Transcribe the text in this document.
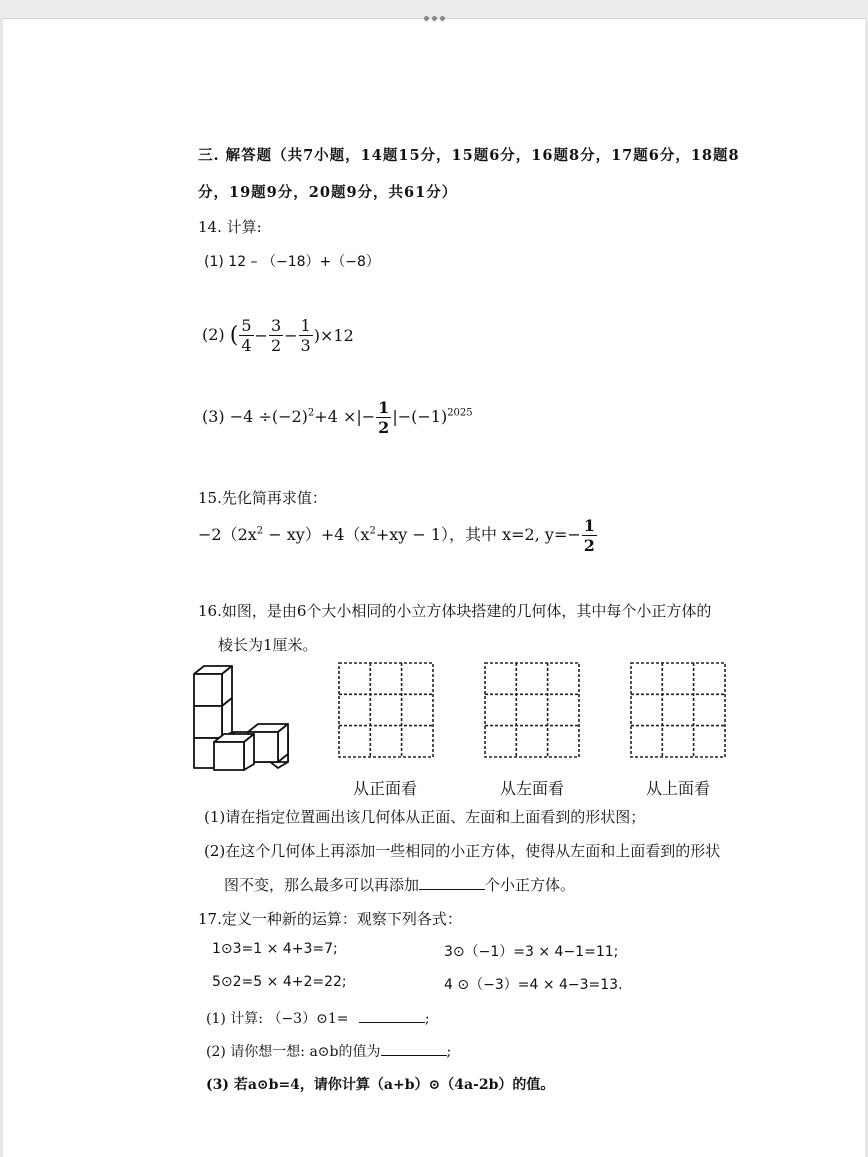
三. 解答题（共7小题，14题15分，15题6分，16题8分，17题6分，18题8
分，19题9分，20题9分，共61分）
14. 计算:
(1) 12 – （−18）+（−8）
(2) ( $\frac{5}{4} - \frac{3}{2} - \frac{1}{3} )\times 12$
$(3) -4 \div(-2)^2+4$ ×|− $\frac{1}{2} |-(-1)^{2025}$
15.先化简再求值：
$-2(2x^2 - xy)+4(x^2+xy - 1)$，其中 x=2, $y=- \frac{1}{2}$
16.如图，是由6个大小相同的小立方体块搭建的几何体，其中每个小正方体的
棱长为1厘米。
从正面看	从左面看	从上面看
(1)请在指定位置画出该几何体从正面、左面和上面看到的形状图；
(2)在这个几何体上再添加一些相同的小正方体，使得从左面和上面看到的形状
图不变，那么最多可以再添加	个小正方体。
17.定义一种新的运算：观察下列各式：
1⊙3=1 × 4+3=7;	3⊙（−1）=3 × 4−1=11;
5⊙2=5 × 4+2=22;	4 ⊙（−3）=4 × 4−3=13.
(1) 计算: （−3）⊙1=	;
(2) 请你想一想: a⊙b的值为	;
(3) 若a⊙b=4，请你计算（a+b）⊙（4a-2b）的值。
